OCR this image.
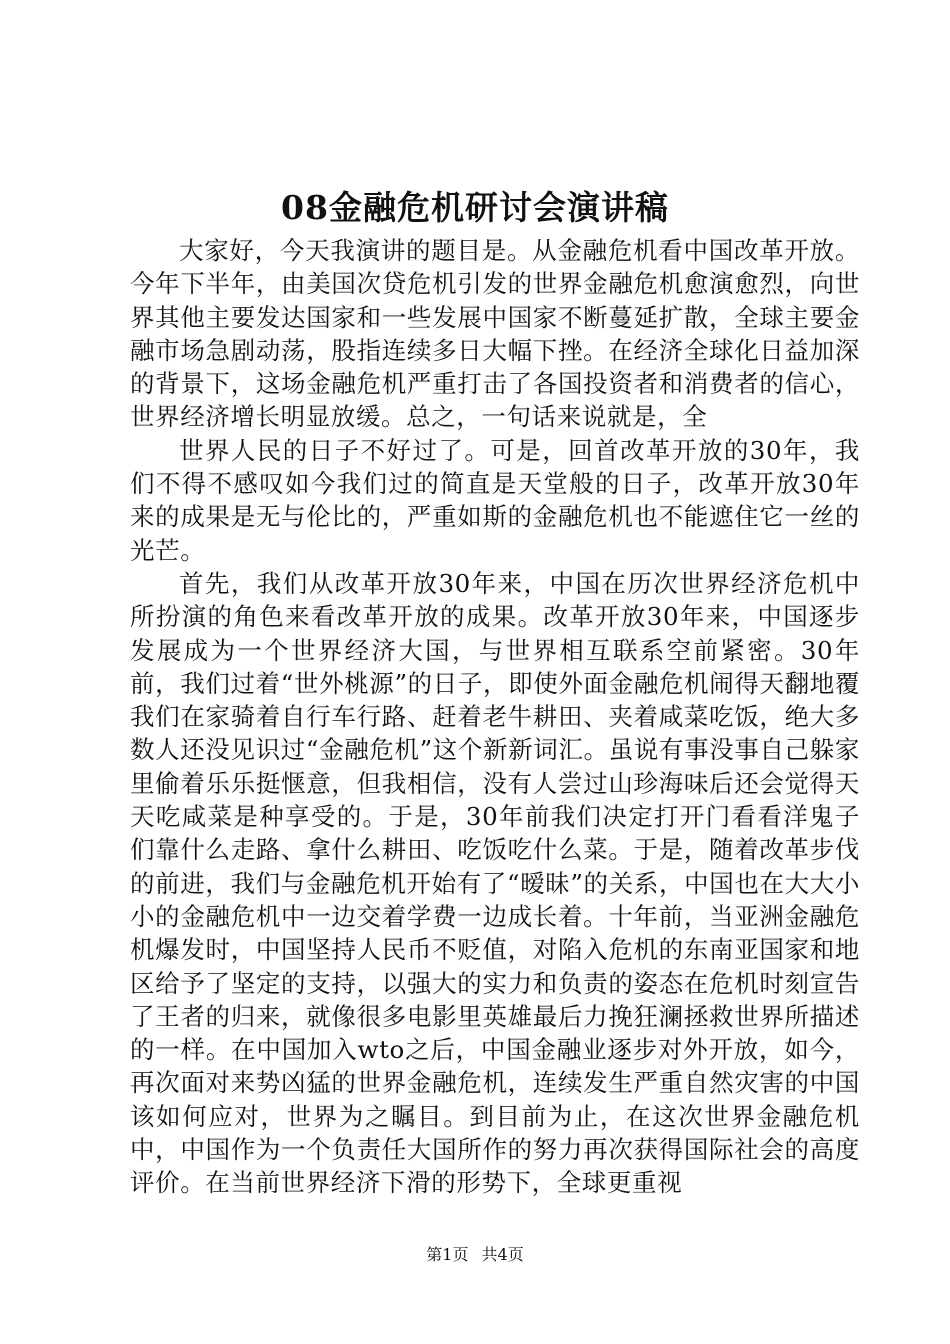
08金融危机研讨会演讲稿

大家好，今天我演讲的题目是。从金融危机看中国改革开放。今年下半年，由美国次贷危机引发的世界金融危机愈演愈烈，向世界其他主要发达国家和一些发展中国家不断蔓延扩散，全球主要金融市场急剧动荡，股指连续多日大幅下挫。在经济全球化日益加深的背景下，这场金融危机严重打击了各国投资者和消费者的信心，世界经济增长明显放缓。总之，一句话来说就是，全

世界人民的日子不好过了。可是，回首改革开放的30年，我们不得不感叹如今我们过的简直是天堂般的日子，改革开放30年来的成果是无与伦比的，严重如斯的金融危机也不能遮住它一丝的光芒。

首先，我们从改革开放30年来，中国在历次世界经济危机中所扮演的角色来看改革开放的成果。改革开放30年来，中国逐步发展成为一个世界经济大国，与世界相互联系空前紧密。30年前，我们过着“世外桃源”的日子，即使外面金融危机闹得天翻地覆我们在家骑着自行车行路、赶着老牛耕田、夹着咸菜吃饭，绝大多数人还没见识过“金融危机”这个新新词汇。虽说有事没事自己躲家里偷着乐乐挺惬意，但我相信，没有人尝过山珍海味后还会觉得天天吃咸菜是种享受的。于是，30年前我们决定打开门看看洋鬼子们靠什么走路、拿什么耕田、吃饭吃什么菜。于是，随着改革步伐的前进，我们与金融危机开始有了“暧昧”的关系，中国也在大大小小的金融危机中一边交着学费一边成长着。十年前，当亚洲金融危机爆发时，中国坚持人民币不贬值，对陷入危机的东南亚国家和地区给予了坚定的支持，以强大的实力和负责的姿态在危机时刻宣告了王者的归来，就像很多电影里英雄最后力挽狂澜拯救世界所描述的一样。在中国加入wto之后，中国金融业逐步对外开放，如今，再次面对来势凶猛的世界金融危机，连续发生严重自然灾害的中国该如何应对，世界为之瞩目。到目前为止，在这次世界金融危机中，中国作为一个负责任大国所作的努力再次获得国际社会的高度评价。在当前世界经济下滑的形势下，全球更重视

第1页 共4页
